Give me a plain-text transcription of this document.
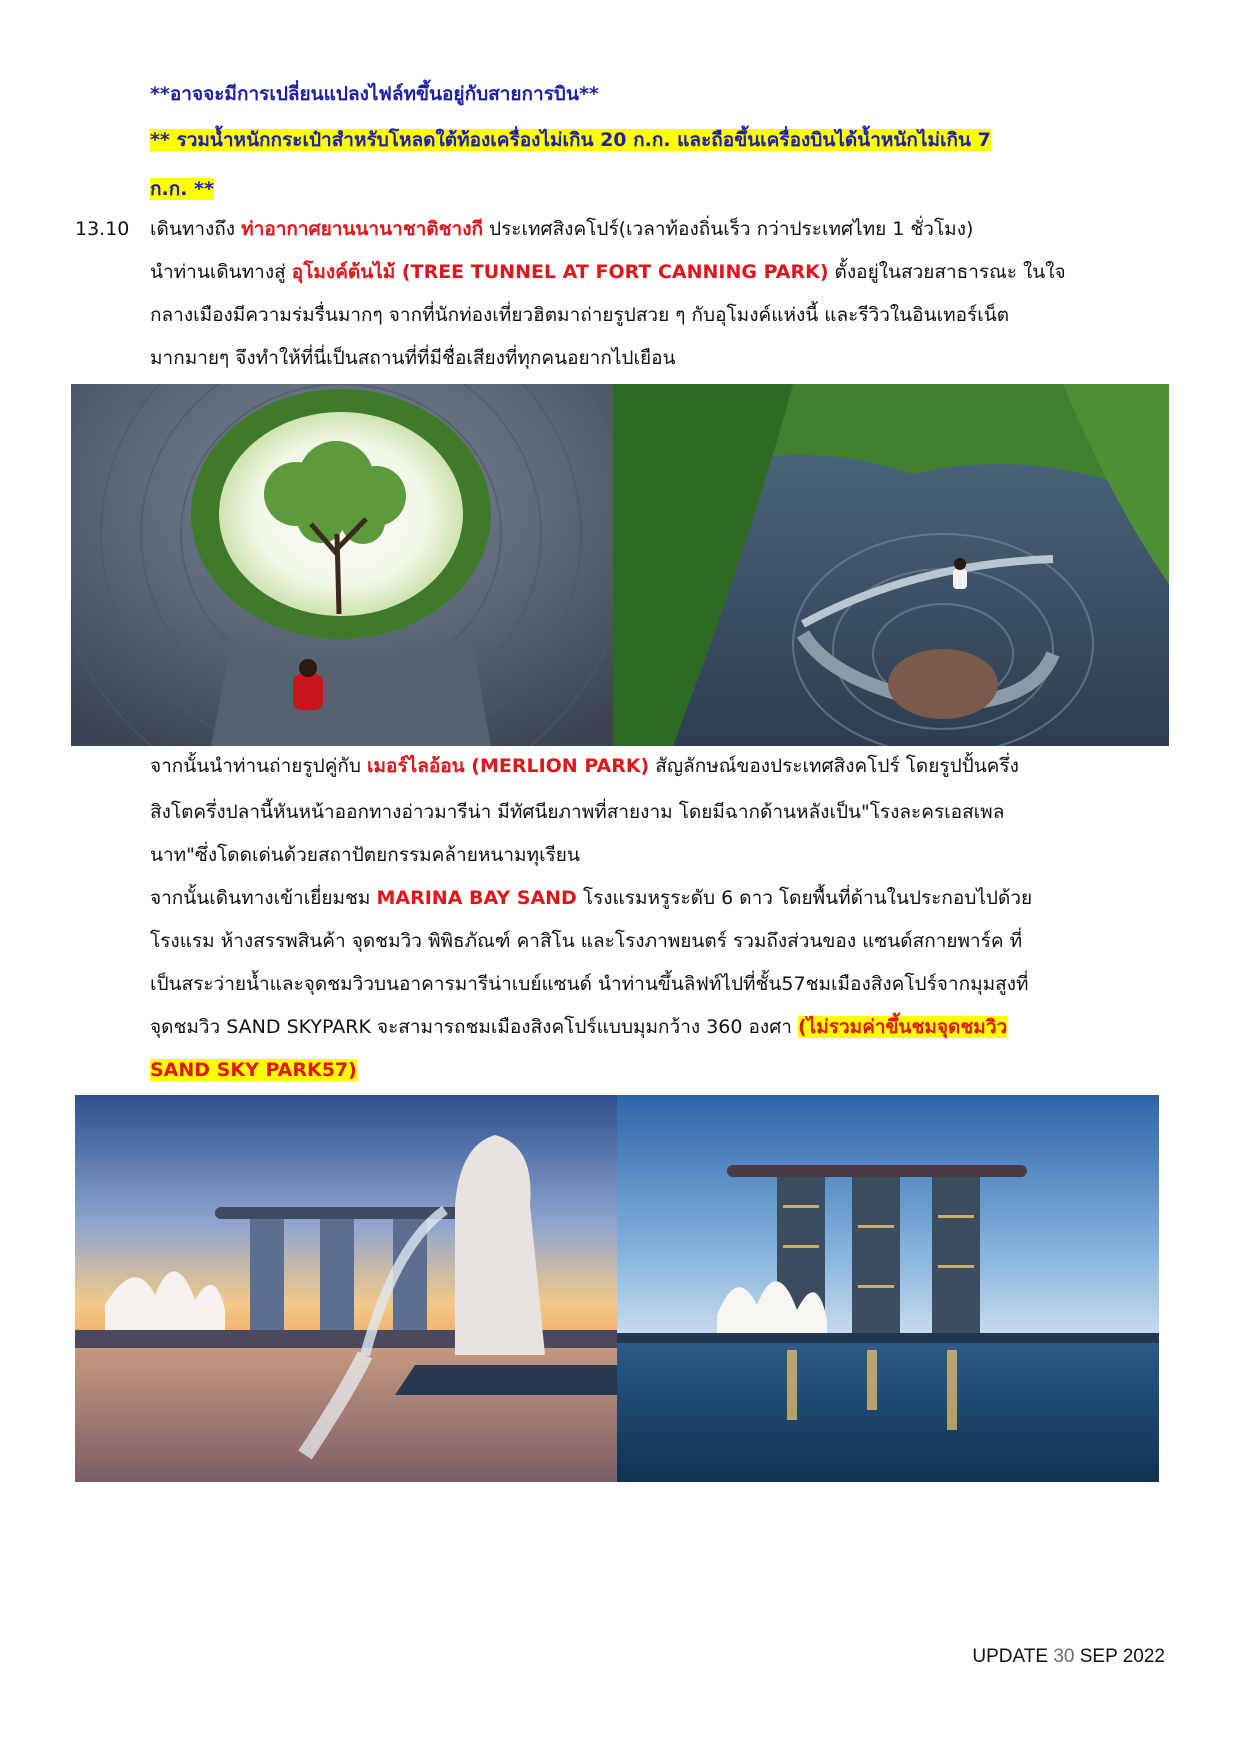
**อาจจะมีการเปลี่ยนแปลงไฟล์ทขึ้นอยู่กับสายการบิน**
** รวมน้ำหนักกระเป๋าสำหรับโหลดใต้ท้องเครื่องไม่เกิน 20 ก.ก. และถือขึ้นเครื่องบินได้น้ำหนักไม่เกิน 7
ก.ก. **
13.10 เดินทางถึง ท่าอากาศยานนานาชาติชางกี ประเทศสิงคโปร์(เวลาท้องถิ่นเร็ว กว่าประเทศไทย 1 ชั่วโมง)
นำท่านเดินทางสู่ อุโมงค์ต้นไม้ (TREE TUNNEL AT FORT CANNING PARK) ตั้งอยู่ในสวยสาธารณะ ในใจ
กลางเมืองมีความร่มรื่นมากๆ จากที่นักท่องเที่ยวฮิตมาถ่ายรูปสวย ๆ กับอุโมงค์แห่งนี้ และรีวิวในอินเทอร์เน็ต
มากมายๆ จึงทำให้ที่นี่เป็นสถานที่ที่มีชื่อเสียงที่ทุกคนอยากไปเยือน
จากนั้นนำท่านถ่ายรูปคู่กับ เมอร์ไลอ้อน (MERLION PARK) สัญลักษณ์ของประเทศสิงคโปร์ โดยรูปปั้นครึ่ง
สิงโตครึ่งปลานี้หันหน้าออกทางอ่าวมารีน่า มีทัศนียภาพที่สายงาม โดยมีฉากด้านหลังเป็น"โรงละครเอสเพล
นาท"ซึ่งโดดเด่นด้วยสถาปัตยกรรมคล้ายหนามทุเรียน
จากนั้นเดินทางเข้าเยี่ยมชม MARINA BAY SAND โรงแรมหรูระดับ 6 ดาว โดยพื้นที่ด้านในประกอบไปด้วย
โรงแรม ห้างสรรพสินค้า จุดชมวิว พิพิธภัณฑ์ คาสิโน และโรงภาพยนตร์ รวมถึงส่วนของ แซนด์สกายพาร์ค ที่
เป็นสระว่ายน้ำและจุดชมวิวบนอาคารมารีน่าเบย์แซนด์ นำท่านขึ้นลิฟท์ไปที่ชั้น57ชมเมืองสิงคโปร์จากมุมสูงที่
จุดชมวิว SAND SKYPARK จะสามารถชมเมืองสิงคโปร์แบบมุมกว้าง 360 องศา (ไม่รวมค่าขึ้นชมจุดชมวิว
SAND SKY PARK57)
UPDATE 30 SEP 2022
